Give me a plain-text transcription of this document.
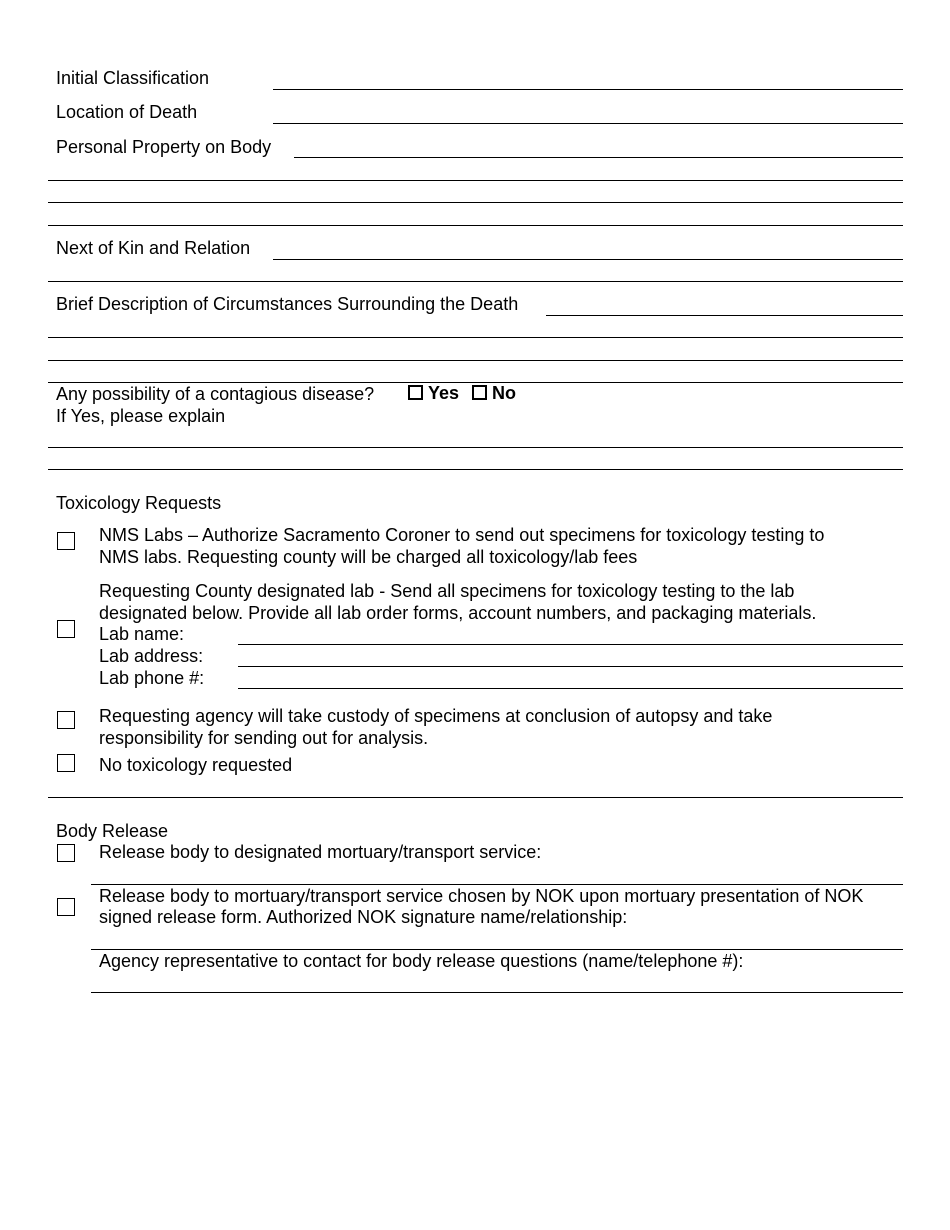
Initial Classification
Location of Death
Personal Property on Body
Next of Kin and Relation
Brief Description of Circumstances Surrounding the Death
Any possibility of a contagious disease?	Yes	No
If Yes, please explain
Toxicology Requests
NMS Labs – Authorize Sacramento Coroner to send out specimens for toxicology testing to
NMS labs. Requesting county will be charged all toxicology/lab fees
Requesting County designated lab - Send all specimens for toxicology testing to the lab
designated below. Provide all lab order forms, account numbers, and packaging materials.
Lab name:
Lab address:
Lab phone #:
Requesting agency will take custody of specimens at conclusion of autopsy and take
responsibility for sending out for analysis.
No toxicology requested
Body Release
Release body to designated mortuary/transport service:
Release body to mortuary/transport service chosen by NOK upon mortuary presentation of NOK
signed release form. Authorized NOK signature name/relationship:
Agency representative to contact for body release questions (name/telephone #):
